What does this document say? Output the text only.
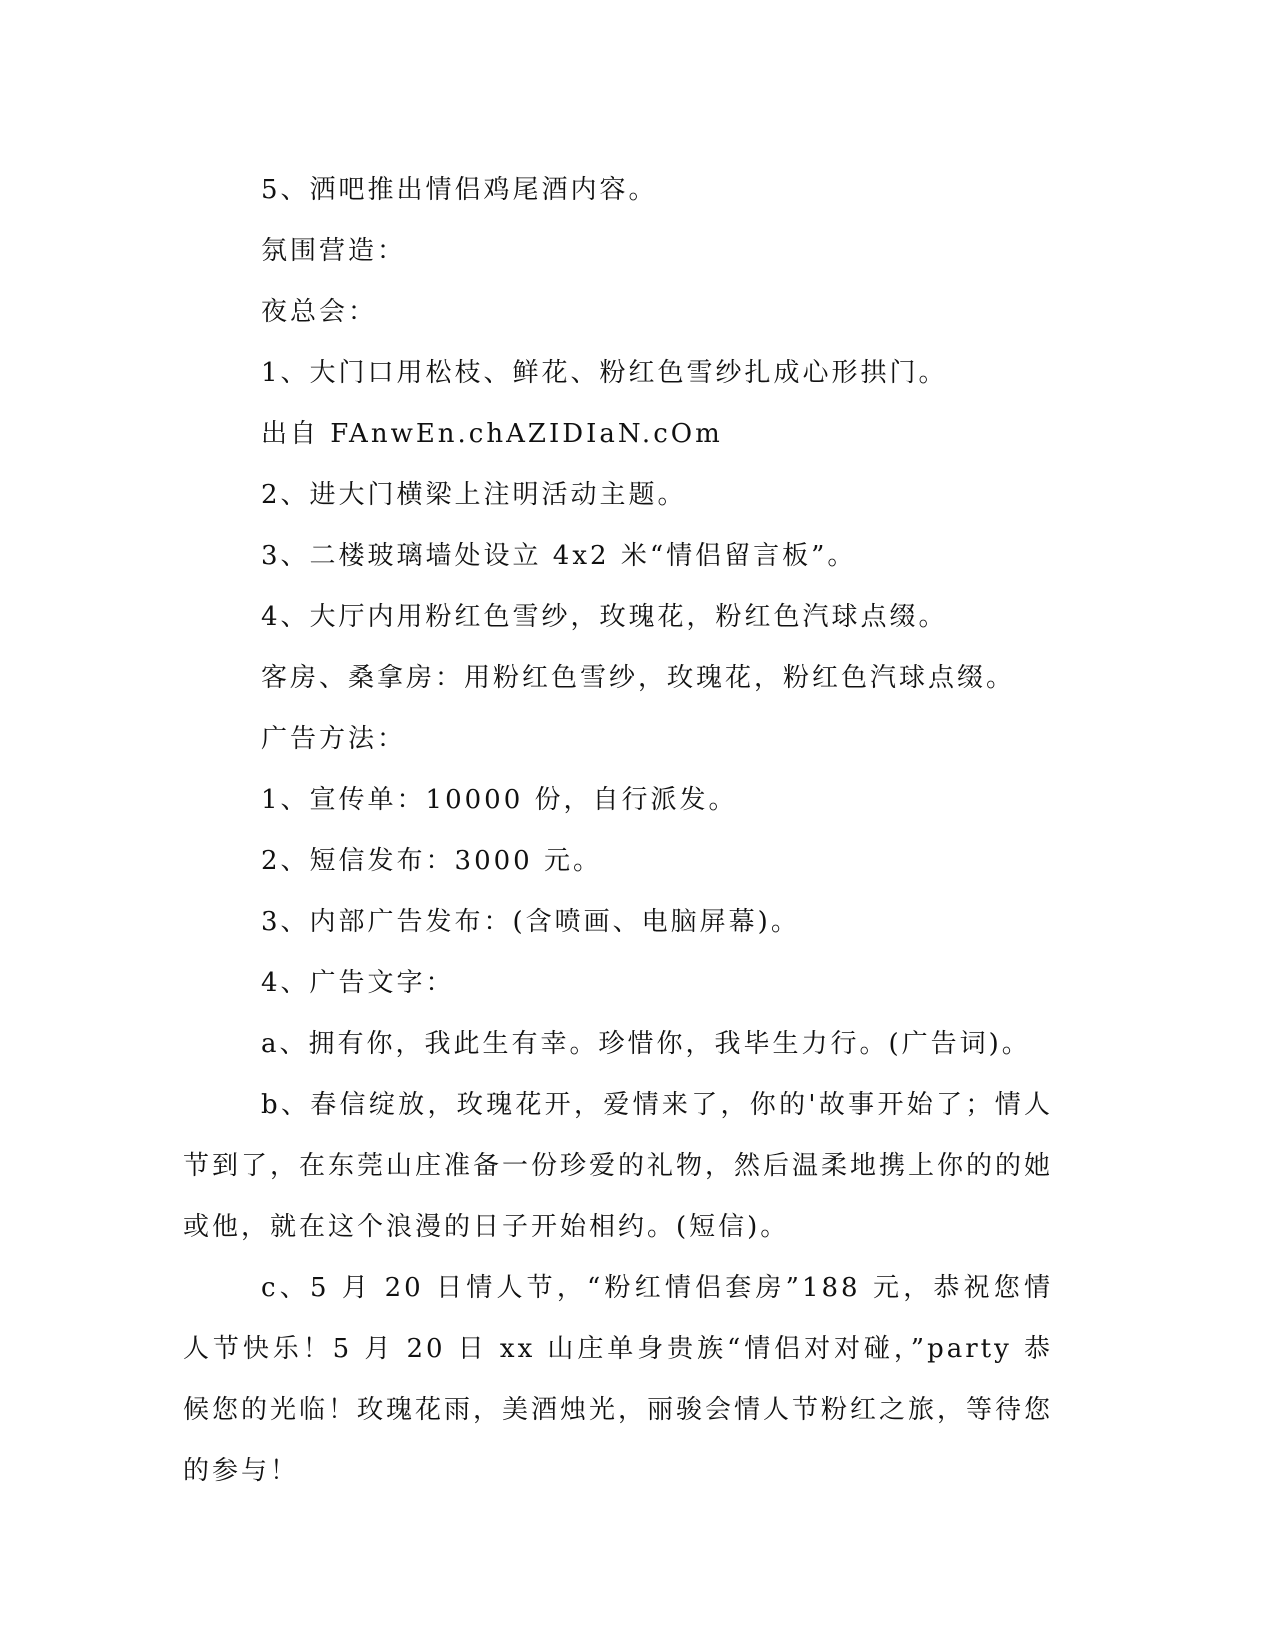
5、洒吧推出情侣鸡尾酒内容。

氛围营造：

夜总会：

1、大门口用松枝、鲜花、粉红色雪纱扎成心形拱门。

出自 FAnwEn.chAZIDIaN.cOm

2、进大门横梁上注明活动主题。

3、二楼玻璃墙处设立 4x2 米“情侣留言板”。

4、大厅内用粉红色雪纱，玫瑰花，粉红色汽球点缀。

客房、桑拿房：用粉红色雪纱，玫瑰花，粉红色汽球点缀。

广告方法：

1、宣传单：10000 份，自行派发。

2、短信发布：3000 元。

3、内部广告发布：(含喷画、电脑屏幕)。

4、广告文字：

a、拥有你，我此生有幸。珍惜你，我毕生力行。(广告词)。

b、春信绽放，玫瑰花开，爱情来了，你的'故事开始了；情人节到了，在东莞山庄准备一份珍爱的礼物，然后温柔地携上你的的她或他，就在这个浪漫的日子开始相约。(短信)。

c、5 月 20 日情人节，“粉红情侣套房”188 元，恭祝您情人节快乐！5 月 20 日 xx 山庄单身贵族“情侣对对碰，”party 恭候您的光临！玫瑰花雨，美酒烛光，丽骏会情人节粉红之旅，等待您的参与！
